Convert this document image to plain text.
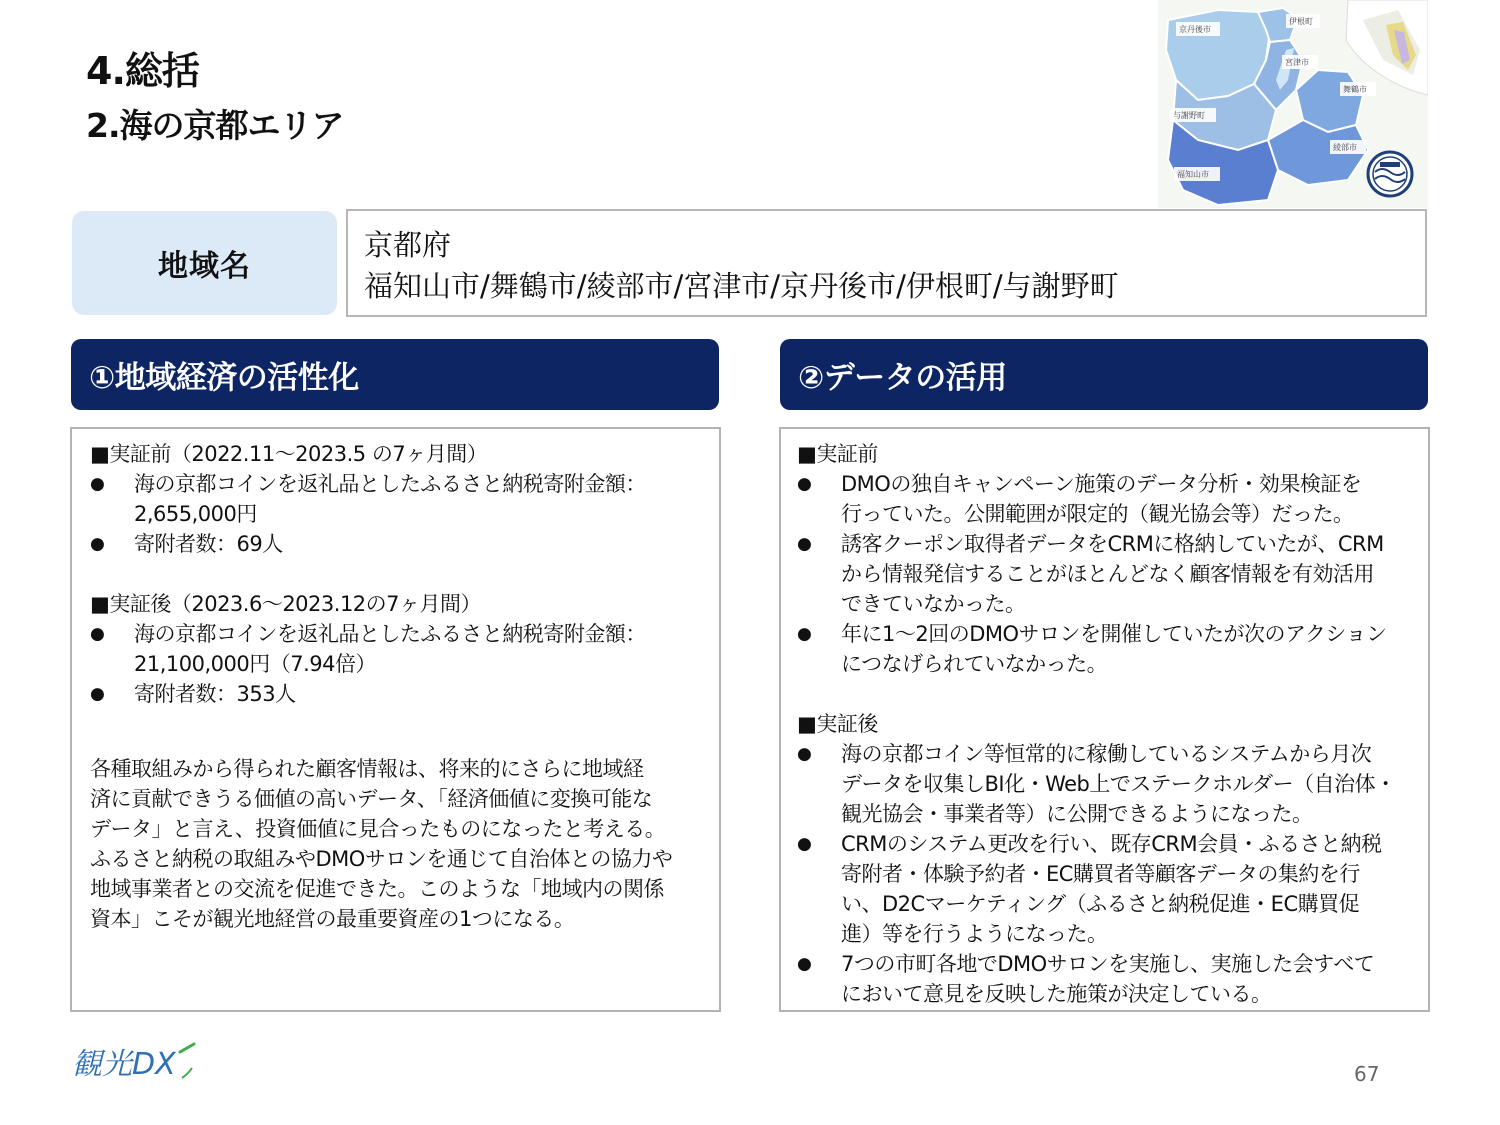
4.総括
2.海の京都エリア
京丹後市
伊根町
宮津市
舞鶴市
与謝野町
綾部市
福知山市
地域名
京都府
福知山市/舞鶴市/綾部市/宮津市/京丹後市/伊根町/与謝野町
①地域経済の活性化	②データの活用
■実証前（2022.11～2023.5 の7ヶ月間）
●	海の京都コインを返礼品としたふるさと納税寄附金額：
2,655,000円
●	寄附者数：69人
■実証後（2023.6～2023.12の7ヶ月間）
●	海の京都コインを返礼品としたふるさと納税寄附金額：
21,100,000円（7.94倍）
●	寄附者数：353人
各種取組みから得られた顧客情報は、将来的にさらに地域経
済に貢献できうる価値の高いデータ、「経済価値に変換可能な
データ」と言え、投資価値に見合ったものになったと考える。
ふるさと納税の取組みやDMOサロンを通じて自治体との協力や
地域事業者との交流を促進できた。このような「地域内の関係
資本」こそが観光地経営の最重要資産の1つになる。
■実証前
●	DMOの独自キャンペーン施策のデータ分析・効果検証を
行っていた。公開範囲が限定的（観光協会等）だった。
●	誘客クーポン取得者データをCRMに格納していたが、CRM
から情報発信することがほとんどなく顧客情報を有効活用
できていなかった。
●	年に1～2回のDMOサロンを開催していたが次のアクション
につなげられていなかった。
■実証後
●	海の京都コイン等恒常的に稼働しているシステムから月次
データを収集しBI化・Web上でステークホルダー（自治体・
観光協会・事業者等）に公開できるようになった。
●	CRMのシステム更改を行い、既存CRM会員・ふるさと納税
寄附者・体験予約者・EC購買者等顧客データの集約を行
い、D2Cマーケティング（ふるさと納税促進・EC購買促
進）等を行うようになった。
●	7つの市町各地でDMOサロンを実施し、実施した会すべて
において意見を反映した施策が決定している。
観光DX	67
